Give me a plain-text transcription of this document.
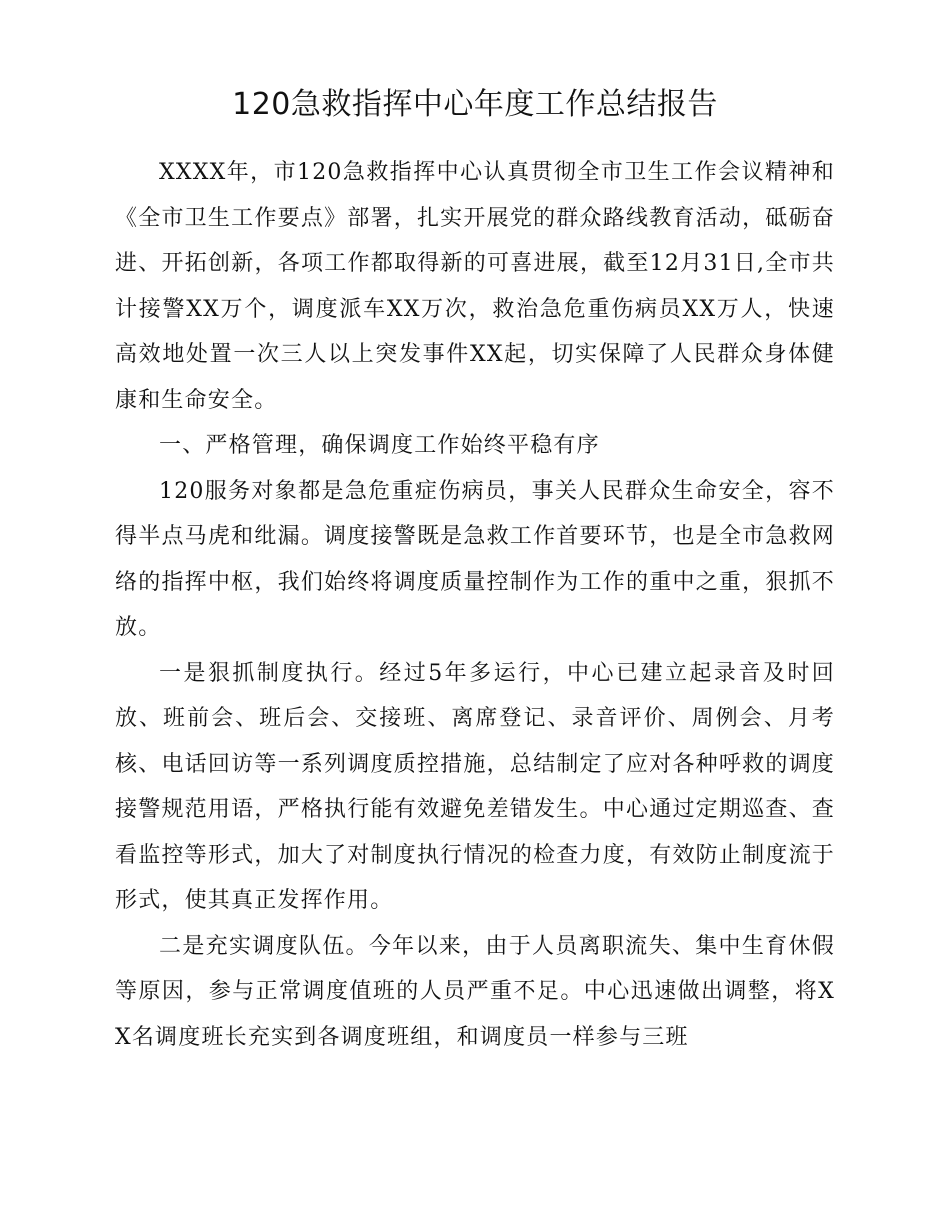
120急救指挥中心年度工作总结报告

XXXX年，市120急救指挥中心认真贯彻全市卫生工作会议精神和《全市卫生工作要点》部署，扎实开展党的群众路线教育活动，砥砺奋进、开拓创新，各项工作都取得新的可喜进展，截至12月31日,全市共计接警XX万个，调度派车XX万次，救治急危重伤病员XX万人，快速高效地处置一次三人以上突发事件XX起，切实保障了人民群众身体健康和生命安全。

一、严格管理，确保调度工作始终平稳有序

120服务对象都是急危重症伤病员，事关人民群众生命安全，容不得半点马虎和纰漏。调度接警既是急救工作首要环节，也是全市急救网络的指挥中枢，我们始终将调度质量控制作为工作的重中之重，狠抓不放。

一是狠抓制度执行。经过5年多运行，中心已建立起录音及时回放、班前会、班后会、交接班、离席登记、录音评价、周例会、月考核、电话回访等一系列调度质控措施，总结制定了应对各种呼救的调度接警规范用语，严格执行能有效避免差错发生。中心通过定期巡查、查看监控等形式，加大了对制度执行情况的检查力度，有效防止制度流于形式，使其真正发挥作用。

二是充实调度队伍。今年以来，由于人员离职流失、集中生育休假等原因，参与正常调度值班的人员严重不足。中心迅速做出调整，将XX名调度班长充实到各调度班组，和调度员一样参与三班
